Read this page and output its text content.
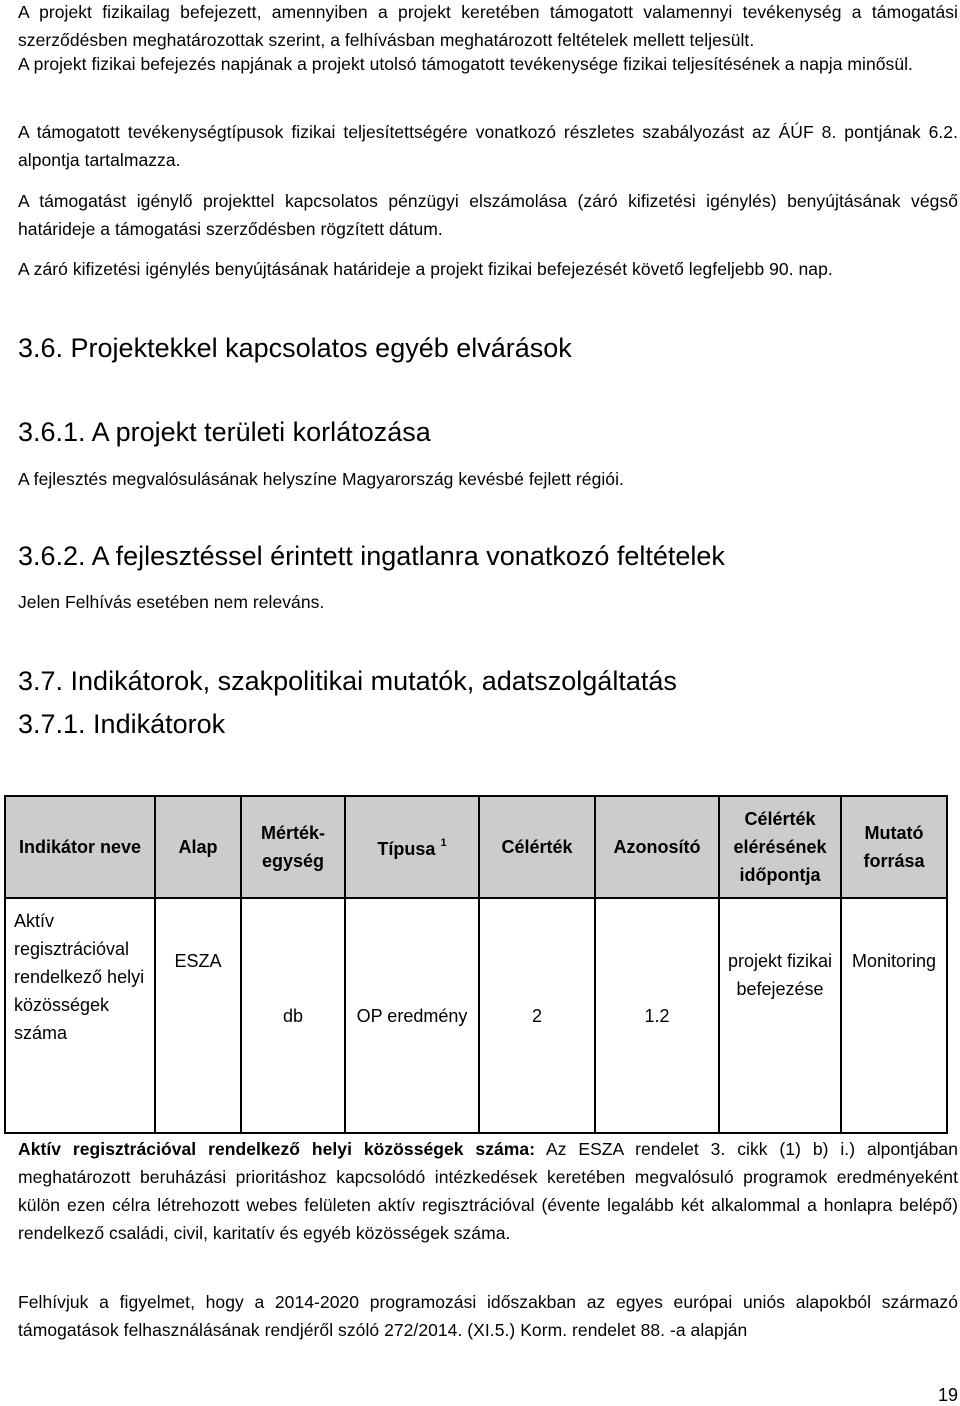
A projekt fizikailag befejezett, amennyiben a projekt keretében támogatott valamennyi tevékenység a támogatási szerződésben meghatározottak szerint, a felhívásban meghatározott feltételek mellett teljesült.

A projekt fizikai befejezés napjának a projekt utolsó támogatott tevékenysége fizikai teljesítésének a napja minősül.

A támogatott tevékenységtípusok fizikai teljesítettségére vonatkozó részletes szabályozást az ÁÚF 8. pontjának 6.2. alpontja tartalmazza.

A támogatást igénylő projekttel kapcsolatos pénzügyi elszámolása (záró kifizetési igénylés) benyújtásának végső határideje a támogatási szerződésben rögzített dátum.

A záró kifizetési igénylés benyújtásának határideje a projekt fizikai befejezését követő legfeljebb 90. nap.

3.6. Projektekkel kapcsolatos egyéb elvárások
3.6.1. A projekt területi korlátozása

A fejlesztés megvalósulásának helyszíne Magyarország kevésbé fejlett régiói.

3.6.2. A fejlesztéssel érintett ingatlanra vonatkozó feltételek

Jelen Felhívás esetében nem releváns.

3.7. Indikátorok, szakpolitikai mutatók, adatszolgáltatás
3.7.1. Indikátorok
Indikátor neve	Alap	Mérték-egység	Típusa $^1$	Célérték	Azonosító	Célérték elérésének időpontja	Mutató forrása
Aktív regisztrációval rendelkező helyi közösségek száma	ESZA	db	OP eredmény	2	1.2	projekt fizikai befejezése	Monitoring

Aktív regisztrációval rendelkező helyi közösségek száma: Az ESZA rendelet 3. cikk (1) b) i.) alpontjában meghatározott beruházási prioritáshoz kapcsolódó intézkedések keretében megvalósuló programok eredményeként külön ezen célra létrehozott webes felületen aktív regisztrációval (évente legalább két alkalommal a honlapra belépő) rendelkező családi, civil, karitatív és egyéb közösségek száma.

Felhívjuk a figyelmet, hogy a 2014-2020 programozási időszakban az egyes európai uniós alapokból származó támogatások felhasználásának rendjéről szóló 272/2014. (XI.5.) Korm. rendelet 88. -a alapján

19
